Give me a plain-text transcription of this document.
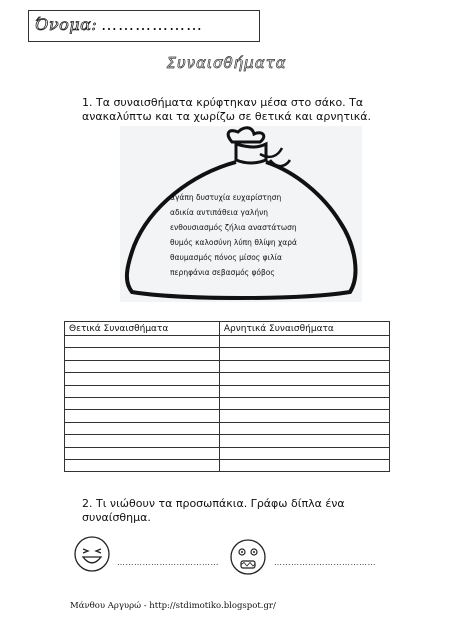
Όνομα: ………………
Συναισθήματα
1. Τα συναισθήματα κρύφτηκαν μέσα στο σάκο. Τα ανακαλύπτω και τα χωρίζω σε θετικά και αρνητικά.
αγάπη δυστυχία ευχαρίστηση
αδικία αντιπάθεια γαλήνη
ενθουσιασμός ζήλια αναστάτωση
θυμός καλοσύνη λύπη θλίψη χαρά
θαυμασμός πόνος μίσος φιλία
περηφάνια σεβασμός φόβος
Θετικά Συναισθήματα	Αρνητικά Συναισθήματα

2. Τι νιώθουν τα προσωπάκια. Γράφω δίπλα ένα συναίσθημα.
………………………………	………………………………
Μάνθου Αργυρώ - http://stdimotiko.blogspot.gr/
